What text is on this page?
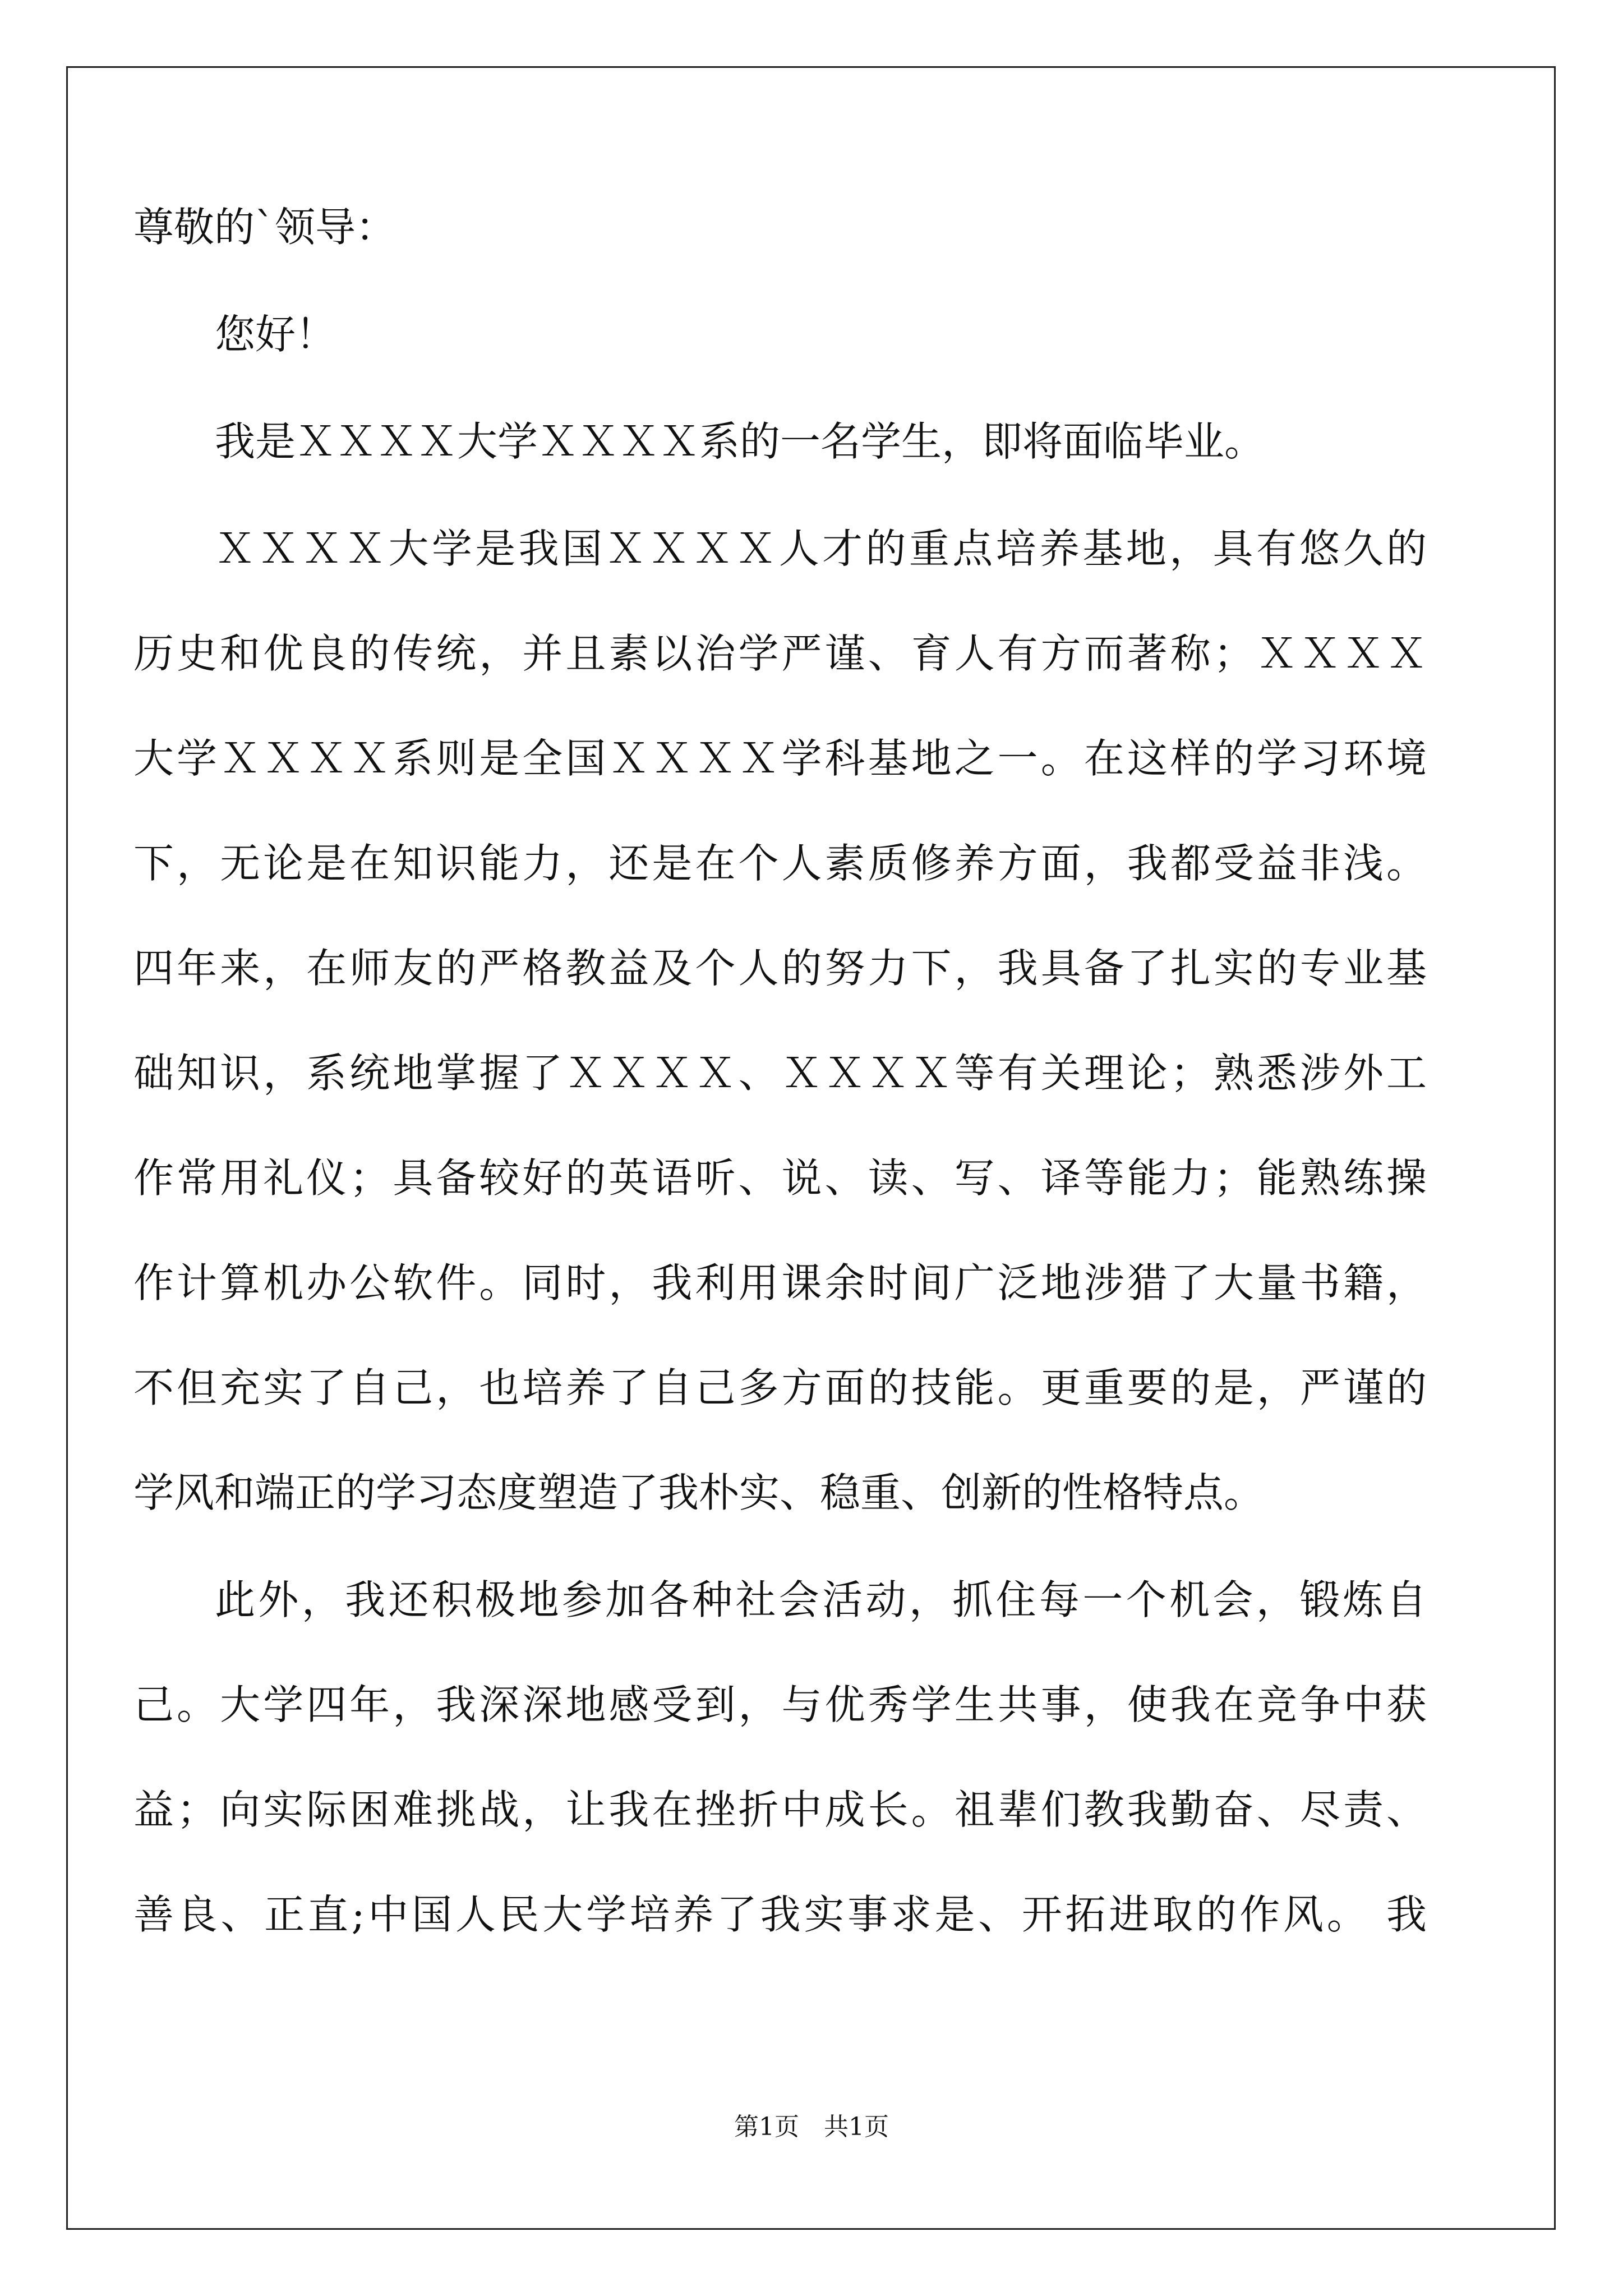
尊敬的`领导：
您好！
我是ＸＸＸＸ大学ＸＸＸＸ系的一名学生，即将面临毕业。
ＸＸＸＸ大学是我国ＸＸＸＸ人才的重点培养基地，具有悠久的
历史和优良的传统，并且素以治学严谨、育人有方而著称；ＸＸＸＸ
大学ＸＸＸＸ系则是全国ＸＸＸＸ学科基地之一。在这样的学习环境
下，无论是在知识能力，还是在个人素质修养方面，我都受益非浅。
四年来，在师友的严格教益及个人的努力下，我具备了扎实的专业基
础知识，系统地掌握了ＸＸＸＸ、ＸＸＸＸ等有关理论；熟悉涉外工
作常用礼仪；具备较好的英语听、说、读、写、译等能力；能熟练操
作计算机办公软件。同时，我利用课余时间广泛地涉猎了大量书籍，
不但充实了自己，也培养了自己多方面的技能。更重要的是，严谨的
学风和端正的学习态度塑造了我朴实、稳重、创新的性格特点。
此外，我还积极地参加各种社会活动，抓住每一个机会，锻炼自
己。大学四年，我深深地感受到，与优秀学生共事，使我在竞争中获
益；向实际困难挑战，让我在挫折中成长。祖辈们教我勤奋、尽责、
善良、正直;中国人民大学培养了我实事求是、开拓进取的作风。 我
第1页　共1页
